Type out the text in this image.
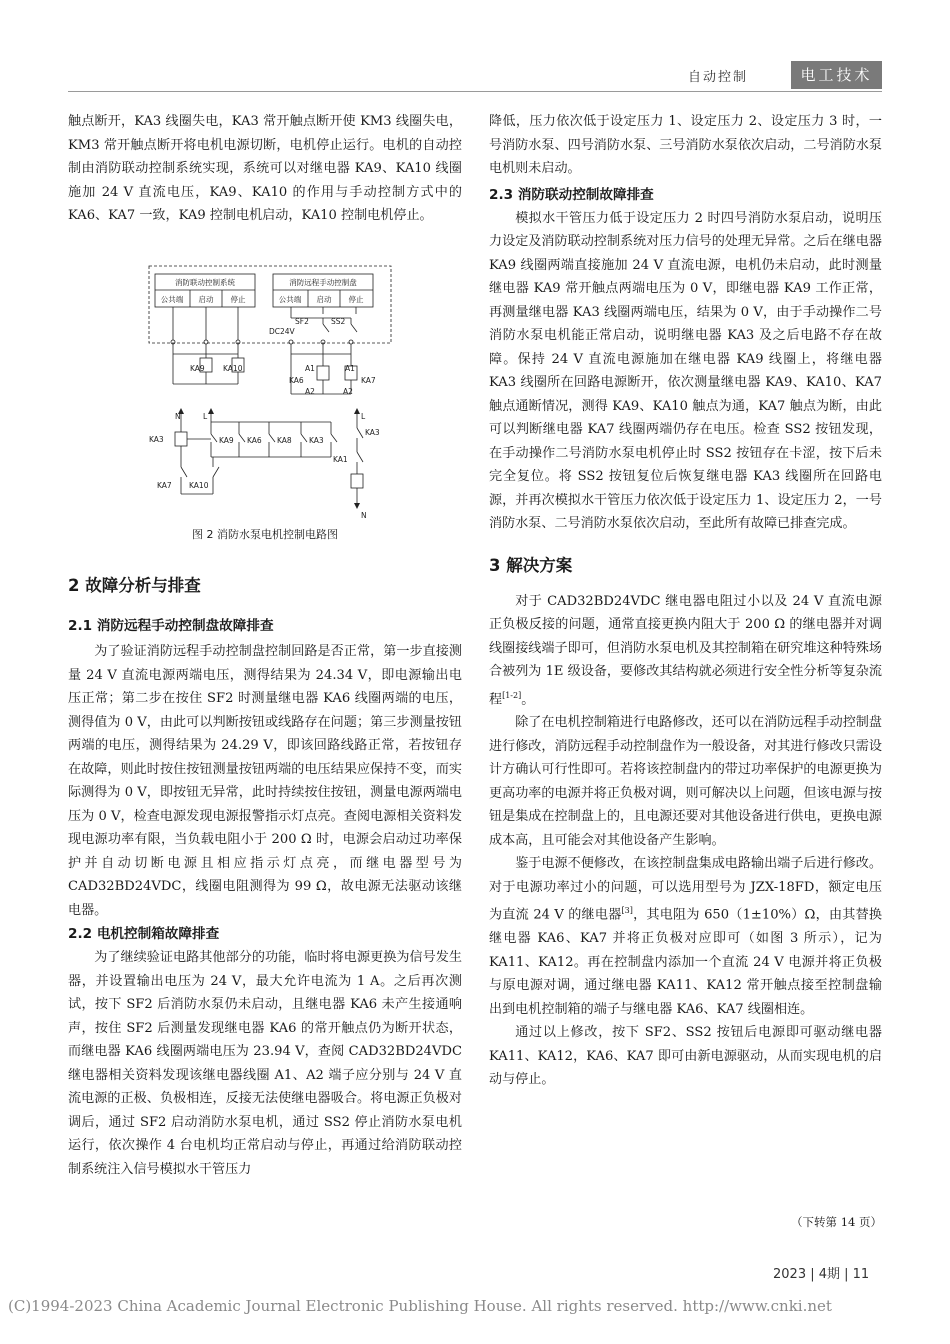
自动控制	电工技术

触点断开，KA3 线圈失电，KA3 常开触点断开使 KM3 线圈失电，KM3 常开触点断开将电机电源切断，电机停止运行。电机的自动控制由消防联动控制系统实现，系统可以对继电器 KA9、KA10 线圈施加 24 V 直流电压，KA9、KA10 的作用与手动控制方式中的 KA6、KA7 一致，KA9 控制电机启动，KA10 控制电机停止。

消防联动控制系统	消防远程手动控制盘
公共端 启动 停止	公共端 启动 停止
SF2	SS2
DC24V
KA9 KA10	A1	A1
KA6	KA7
A2	A2
N	L	L
KA3	KA9 KA6 KA8 KA3
KA3
KA1
KA7 KA10
N
图 2 消防水泵电机控制电路图
2 故障分析与排查
2.1 消防远程手动控制盘故障排查

为了验证消防远程手动控制盘控制回路是否正常，第一步直接测量 24 V 直流电源两端电压，测得结果为 24.34 V，即电源输出电压正常；第二步在按住 SF2 时测量继电器 KA6 线圈两端的电压，测得值为 0 V，由此可以判断按钮或线路存在问题；第三步测量按钮两端的电压，测得结果为 24.29 V，即该回路线路正常，若按钮存在故障，则此时按住按钮测量按钮两端的电压结果应保持不变，而实际测得为 0 V，即按钮无异常，此时持续按住按钮，测量电源两端电压为 0 V，检查电源发现电源报警指示灯点亮。查阅电源相关资料发现电源功率有限，当负载电阻小于 200 Ω 时，电源会启动过功率保护并自动切断电源且相应指示灯点亮，而继电器型号为 CAD32BD24VDC，线圈电阻测得为 99 Ω，故电源无法驱动该继电器。

2.2 电机控制箱故障排查

为了继续验证电路其他部分的功能，临时将电源更换为信号发生器，并设置输出电压为 24 V，最大允许电流为 1 A。之后再次测试，按下 SF2 后消防水泵仍未启动，且继电器 KA6 未产生接通响声，按住 SF2 后测量发现继电器 KA6 的常开触点仍为断开状态，而继电器 KA6 线圈两端电压为 23.94 V，查阅 CAD32BD24VDC 继电器相关资料发现该继电器线圈 A1、A2 端子应分别与 24 V 直流电源的正极、负极相连，反接无法使继电器吸合。将电源正负极对调后，通过 SF2 启动消防水泵电机，通过 SS2 停止消防水泵电机运行，依次操作 4 台电机均正常启动与停止，再通过给消防联动控制系统注入信号模拟水干管压力

降低，压力依次低于设定压力 1、设定压力 2、设定压力 3 时，一号消防水泵、四号消防水泵、三号消防水泵依次启动，二号消防水泵电机则未启动。

2.3 消防联动控制故障排查

模拟水干管压力低于设定压力 2 时四号消防水泵启动，说明压力设定及消防联动控制系统对压力信号的处理无异常。之后在继电器 KA9 线圈两端直接施加 24 V 直流电源，电机仍未启动，此时测量继电器 KA9 常开触点两端电压为 0 V，即继电器 KA9 工作正常，再测量继电器 KA3 线圈两端电压，结果为 0 V，由于手动操作二号消防水泵电机能正常启动，说明继电器 KA3 及之后电路不存在故障。保持 24 V 直流电源施加在继电器 KA9 线圈上，将继电器 KA3 线圈所在回路电源断开，依次测量继电器 KA9、KA10、KA7 触点通断情况，测得 KA9、KA10 触点为通，KA7 触点为断，由此可以判断继电器 KA7 线圈两端仍存在电压。检查 SS2 按钮发现，在手动操作二号消防水泵电机停止时 SS2 按钮存在卡涩，按下后未完全复位。将 SS2 按钮复位后恢复继电器 KA3 线圈所在回路电源，并再次模拟水干管压力依次低于设定压力 1、设定压力 2，一号消防水泵、二号消防水泵依次启动，至此所有故障已排查完成。

3 解决方案

对于 CAD32BD24VDC 继电器电阻过小以及 24 V 直流电源正负极反接的问题，通常直接更换内阻大于 200 Ω 的继电器并对调线圈接线端子即可，但消防水泵电机及其控制箱在研究堆这种特殊场合被列为 1E 级设备，要修改其结构就必须进行安全性分析等复杂流程[1-2]。

除了在电机控制箱进行电路修改，还可以在消防远程手动控制盘进行修改，消防远程手动控制盘作为一般设备，对其进行修改只需设计方确认可行性即可。若将该控制盘内的带过功率保护的电源更换为更高功率的电源并将正负极对调，则可解决以上问题，但该电源与按钮是集成在控制盘上的，且电源还要对其他设备进行供电，更换电源成本高，且可能会对其他设备产生影响。

鉴于电源不便修改，在该控制盘集成电路输出端子后进行修改。对于电源功率过小的问题，可以选用型号为 JZX-18FD，额定电压为直流 24 V 的继电器[3]，其电阻为 650（1±10%）Ω，由其替换继电器 KA6、KA7 并将正负极对应即可（如图 3 所示），记为 KA11、KA12。再在控制盘内添加一个直流 24 V 电源并将正负极与原电源对调，通过继电器 KA11、KA12 常开触点接至控制盘输出到电机控制箱的端子与继电器 KA6、KA7 线圈相连。

通过以上修改，按下 SF2、SS2 按钮后电源即可驱动继电器 KA11、KA12，KA6、KA7 即可由新电源驱动，从而实现电机的启动与停止。

（下转第 14 页）
2023 | 4期 | 11
(C)1994-2023 China Academic Journal Electronic Publishing House. All rights reserved. http://www.cnki.net
